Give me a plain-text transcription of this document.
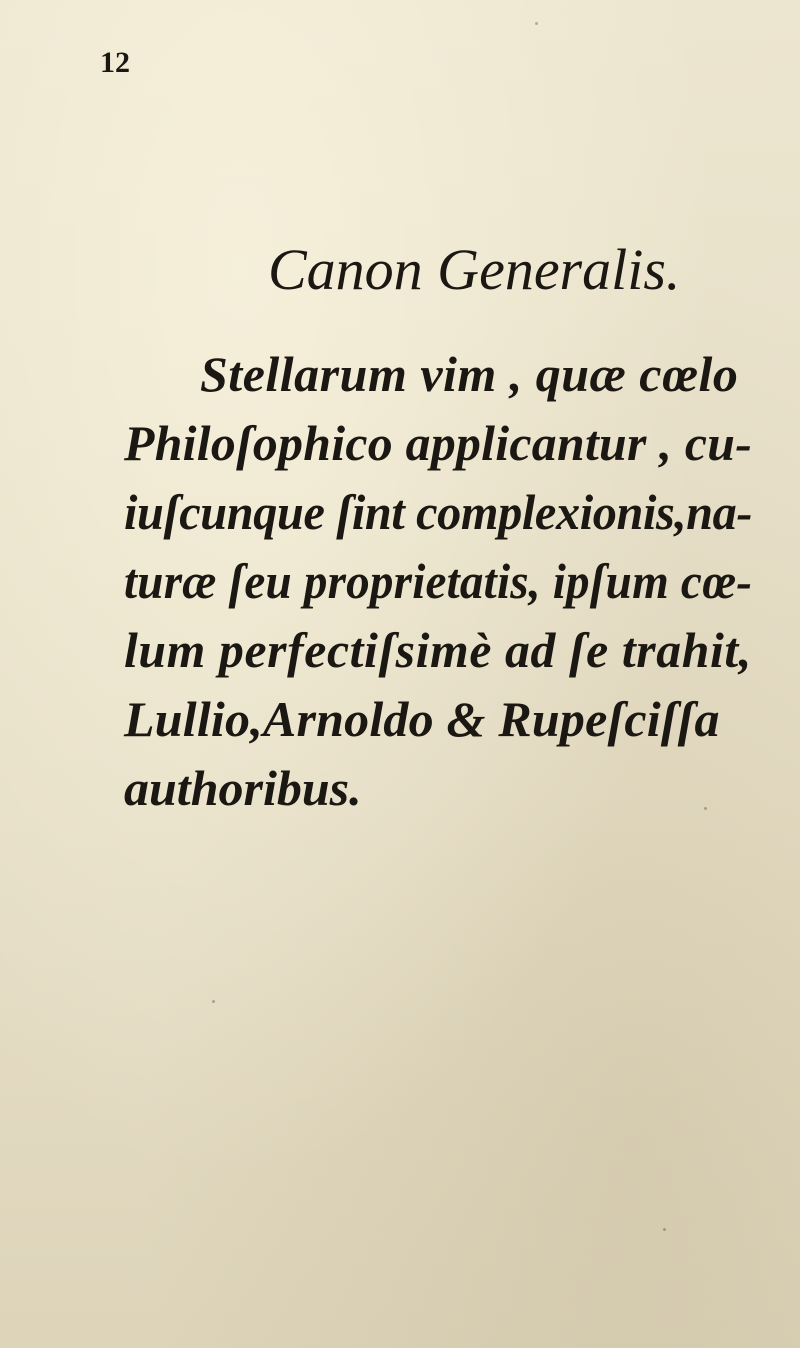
12
Canon Generalis.
Stellarum vim , quæ cœlo
Philoſophico applicantur , cu-
iuſcunque ſint complexionis,na-
turæ ſeu proprietatis, ipſum cœ-
lum perfectiſsimè ad ſe trahit,
Lullio,Arnoldo & Rupeſciſſa
authoribus.
